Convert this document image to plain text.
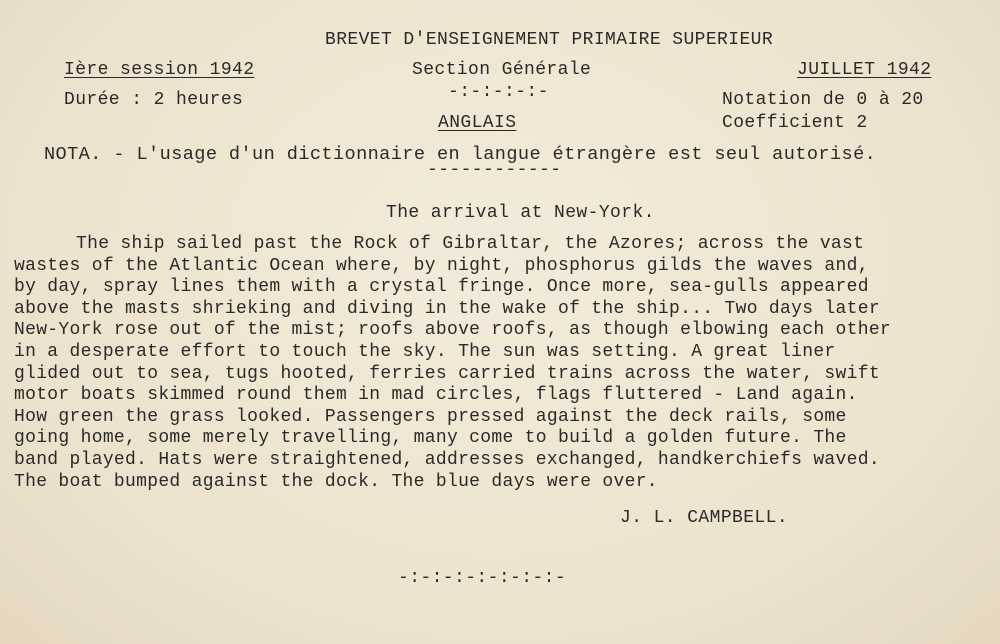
BREVET D'ENSEIGNEMENT PRIMAIRE SUPERIEUR
Ière session 1942	Section Générale	JUILLET 1942
Durée : 2 heures	-:-:-:-:-	Notation de 0 à 20
ANGLAIS	Coefficient 2
NOTA. - L'usage d'un dictionnaire en langue étrangère est seul autorisé.
------------
The arrival at New-York.
The ship sailed past the Rock of Gibraltar, the Azores; across the vast
wastes of the Atlantic Ocean where, by night, phosphorus gilds the waves and,
by day, spray lines them with a crystal fringe. Once more, sea-gulls appeared
above the masts shrieking and diving in the wake of the ship... Two days later
New-York rose out of the mist; roofs above roofs, as though elbowing each other
in a desperate effort to touch the sky. The sun was setting. A great liner
glided out to sea, tugs hooted, ferries carried trains across the water, swift
motor boats skimmed round them in mad circles, flags fluttered - Land again.
How green the grass looked. Passengers pressed against the deck rails, some
going home, some merely travelling, many come to build a golden future. The
band played. Hats were straightened, addresses exchanged, handkerchiefs waved.
The boat bumped against the dock. The blue days were over.
J. L. CAMPBELL.
-:-:-:-:-:-:-:-
